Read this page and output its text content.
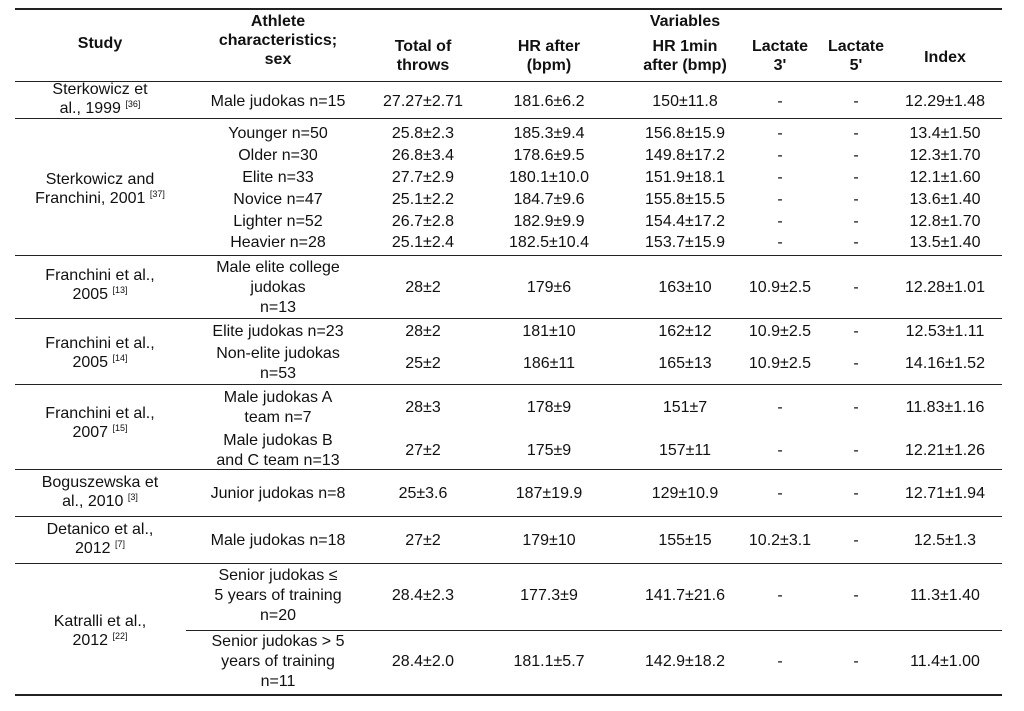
Study
Athlete
characteristics;
sex
Variables
Total of
throws
HR after
(bpm)
HR 1min
after (bmp)
Lactate
3'
Lactate
5'	Index
Sterkowicz et
al., 1999 [36]
Sterkowicz and
Franchini, 2001 [37]
Franchini et al.,
2005 [13]
Franchini et al.,
2005 [14]
Franchini et al.,
2007 [15]
Boguszewska et
al., 2010 [3]
Detanico et al.,
2012 [7]
Katralli et al.,
2012 [22]
Male judokas n=15
Younger n=50
Older n=30
Elite n=33
Novice n=47
Lighter n=52
Heavier n=28
Male elite college
judokas
n=13
Elite judokas n=23
Non-elite judokas
n=53
Male judokas A
team n=7
Male judokas B
and C team n=13
Junior judokas n=8
Male judokas n=18
Senior judokas ≤
5 years of training
n=20
Senior judokas > 5
years of training
n=11
27.27±2.71
25.8±2.3
26.8±3.4
27.7±2.9
25.1±2.2
26.7±2.8
25.1±2.4
28±2
28±2
25±2
28±3
27±2
25±3.6
27±2
28.4±2.3
28.4±2.0
181.6±6.2
185.3±9.4
178.6±9.5
180.1±10.0
184.7±9.6
182.9±9.9
182.5±10.4
179±6
181±10
186±11
178±9
175±9
187±19.9
179±10
177.3±9
181.1±5.7
150±11.8
156.8±15.9
149.8±17.2
151.9±18.1
155.8±15.5
154.4±17.2
153.7±15.9
163±10
162±12
165±13
151±7
157±11
129±10.9
155±15
141.7±21.6
142.9±18.2
-
-
-
-
-
-
-
10.9±2.5
10.9±2.5
10.9±2.5
-
-
-
10.2±3.1
-
-
-
-
-
-
-
-
-
-
-
-
-
-
-
-
-
-
12.29±1.48
13.4±1.50
12.3±1.70
12.1±1.60
13.6±1.40
12.8±1.70
13.5±1.40
12.28±1.01
12.53±1.11
14.16±1.52
11.83±1.16
12.21±1.26
12.71±1.94
12.5±1.3
11.3±1.40
11.4±1.00
